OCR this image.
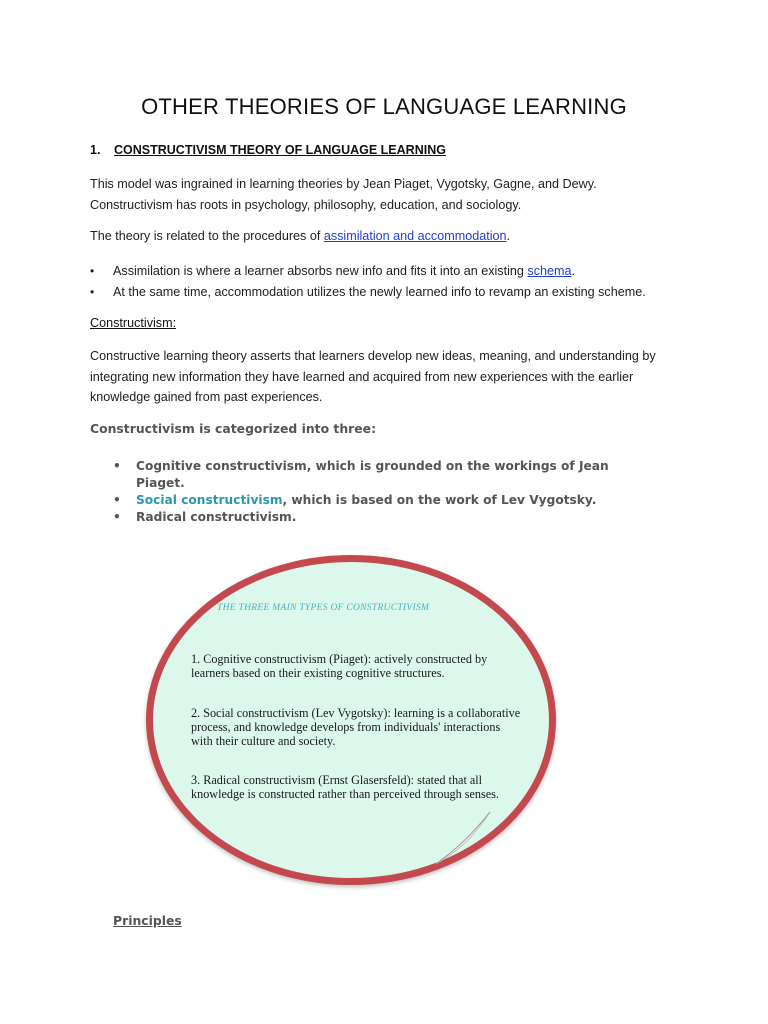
OTHER THEORIES OF LANGUAGE LEARNING
1. CONSTRUCTIVISM THEORY OF LANGUAGE LEARNING
This model was ingrained in learning theories by Jean Piaget, Vygotsky, Gagne, and Dewy. Constructivism has roots in psychology, philosophy, education, and sociology.
The theory is related to the procedures of assimilation and accommodation.
• Assimilation is where a learner absorbs new info and fits it into an existing schema.
• At the same time, accommodation utilizes the newly learned info to revamp an existing scheme.
Constructivism:
Constructive learning theory asserts that learners develop new ideas, meaning, and understanding by integrating new information they have learned and acquired from new experiences with the earlier knowledge gained from past experiences.
Constructivism is categorized into three:
• Cognitive constructivism, which is grounded on the workings of Jean Piaget.
• Social constructivism, which is based on the work of Lev Vygotsky.
• Radical constructivism.
THE THREE MAIN TYPES OF CONSTRUCTIVISM
1. Cognitive constructivism (Piaget): actively constructed by learners based on their existing cognitive structures.
2. Social constructivism (Lev Vygotsky): learning is a collaborative process, and knowledge develops from individuals' interactions with their culture and society.
3. Radical constructivism (Ernst Glasersfeld): stated that all knowledge is constructed rather than perceived through senses.
Principles
